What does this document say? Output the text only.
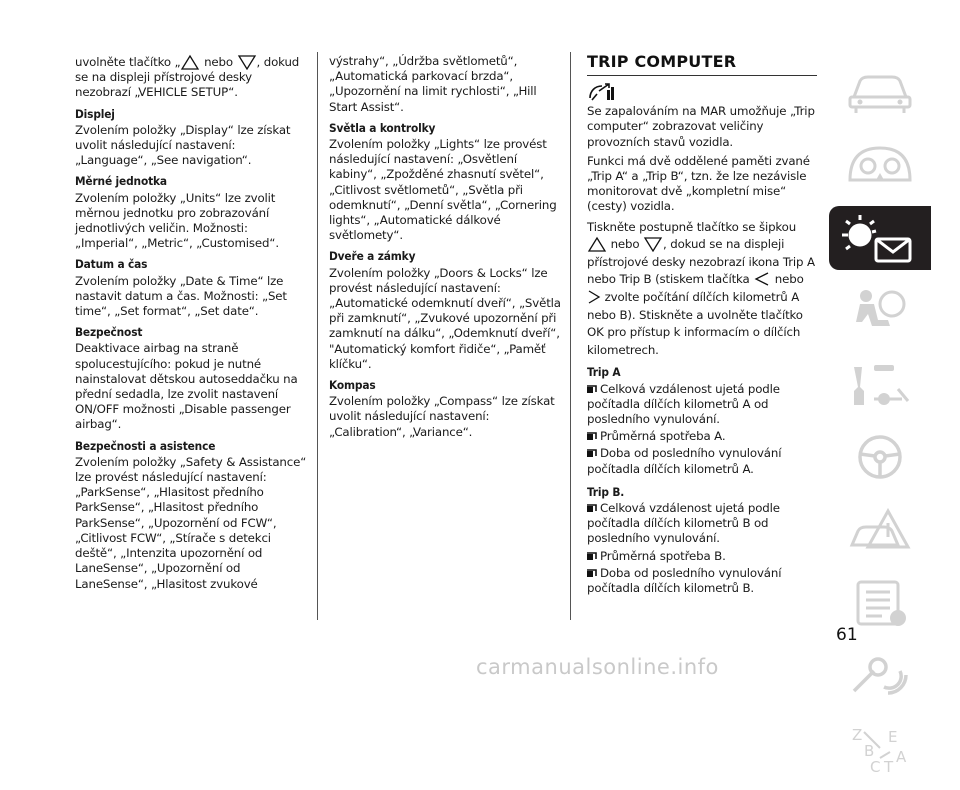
uvolněte tlačítko „ nebo , dokud se na displeji přístrojové desky nezobrazí „VEHICLE SETUP“.

Displej

Zvolením položky „Display“ lze získat uvolit následující nastavení: „Language“, „See navigation“.

Měrné jednotka

Zvolením položky „Units“ lze zvolit měrnou jednotku pro zobrazování jednotlivých veličin. Možnosti: „Imperial“, „Metric“, „Customised“.

Datum a čas

Zvolením položky „Date & Time“ lze nastavit datum a čas. Možnosti: „Set time“, „Set format“, „Set date“.

Bezpečnost

Deaktivace airbag na straně spolucestujícího: pokud je nutné nainstalovat dětskou autoseddačku na přední sedadla, lze zvolit nastavení ON/OFF možnosti „Disable passenger airbag“.

Bezpečnosti a asistence

Zvolením položky „Safety & Assistance“ lze provést následující nastavení: „ParkSense“, „Hlasitost předního ParkSense“, „Hlasitost předního ParkSense“, „Upozornění od FCW“, „Citlivost FCW“, „Stírače s detekci deště“, „Intenzita upozornění od LaneSense“, „Upozornění od LaneSense“, „Hlasitost zvukové

výstrahy“, „Údržba světlometů“, „Automatická parkovací brzda“, „Upozornění na limit rychlosti“, „Hill Start Assist“.

Světla a kontrolky

Zvolením položky „Lights“ lze provést následující nastavení: „Osvětlení kabiny“, „Zpožděné zhasnutí světel“, „Citlivost světlometů“, „Světla při odemknutí“, „Denní světla“, „Cornering lights“, „Automatické dálkové světlomety“.

Dveře a zámky

Zvolením položky „Doors & Locks“ lze provést následující nastavení: „Automatické odemknutí dveří“, „Světla při zamknutí“, „Zvukové upozornění při zamknutí na dálku“, „Odemknutí dveří“, "Automatický komfort řidiče“, „Paměť klíčku“.

Kompas

Zvolením položky „Compass“ lze získat uvolit následující nastavení: „Calibration“, „Variance“.

TRIP COMPUTER

Se zapalováním na MAR umožňuje „Trip computer“ zobrazovat veličiny provozních stavů vozidla.

Funkci má dvě oddělené paměti zvané „Trip A“ a „Trip B“, tzn. že lze nezávisle monitorovat dvě „kompletní mise“ (cesty) vozidla.

Tiskněte postupně tlačítko se šipkou
nebo , dokud se na displeji přístrojové desky nezobrazí ikona Trip A nebo Trip B (stiskem tlačítka  nebo
zvolte počítání dílčích kilometrů A nebo B). Stiskněte a uvolněte tlačítko OK pro přístup k informacím o dílčích kilometrech.

Trip A
Celková vzdálenost ujetá podle počítadla dílčích kilometrů A od posledního vynulování.
Průměrná spotřeba A.
Doba od posledního vynulování počítadla dílčích kilometrů A.
Trip B.
Celková vzdálenost ujetá podle počítadla dílčích kilometrů B od posledního vynulování.
Průměrná spotřeba B.
Doba od posledního vynulování počítadla dílčích kilometrů B.
Z E
B A
C T
61
carmanualsonline.info
